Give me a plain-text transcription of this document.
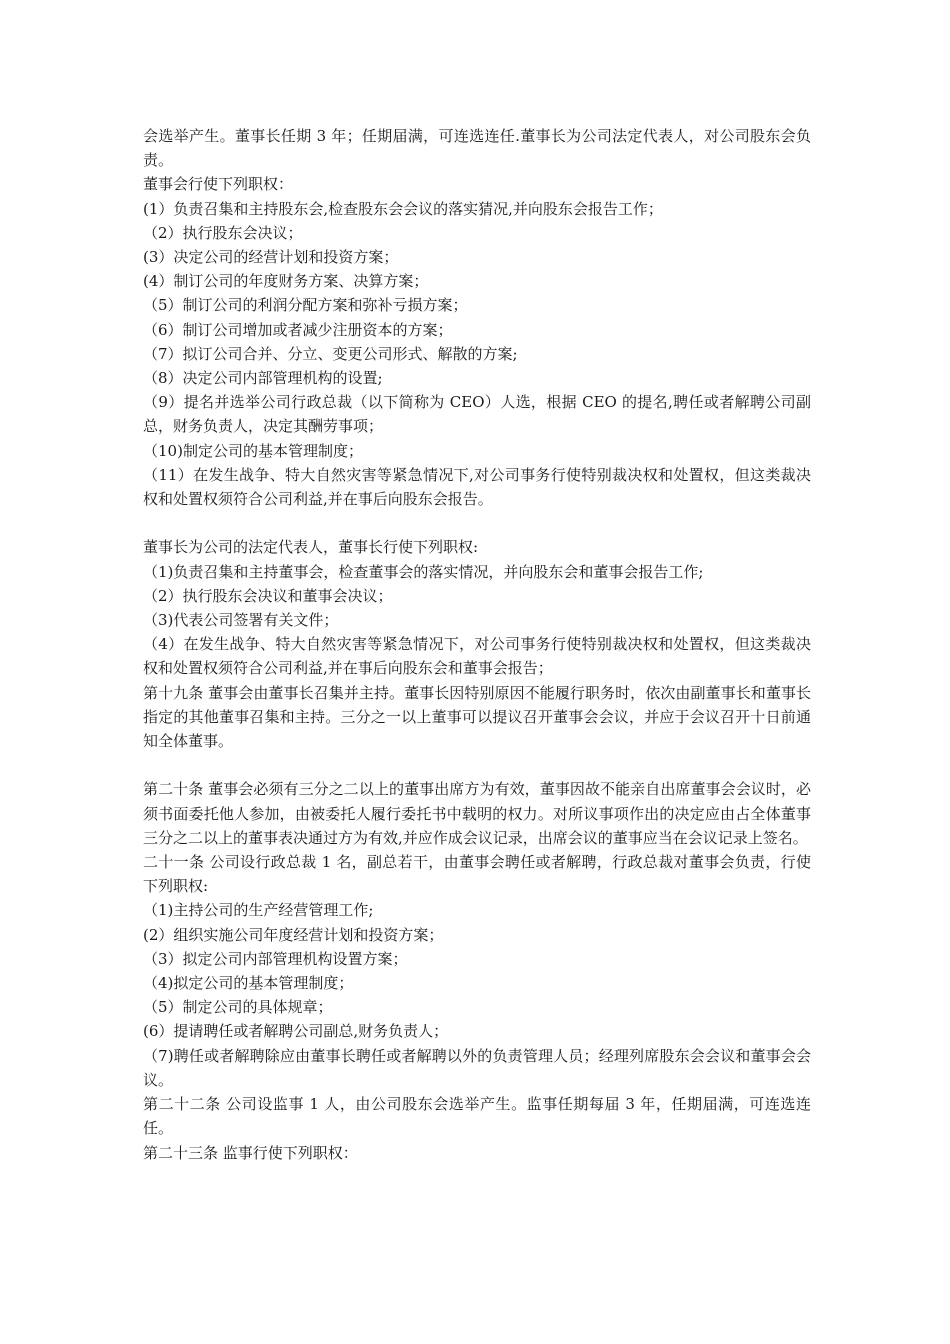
会选举产生。董事长任期 3 年；任期届满，可连选连任.董事长为公司法定代表人，对公司股东会负责。

董事会行使下列职权：

(1）负责召集和主持股东会,检查股东会会议的落实猜况,并向股东会报告工作；

（2）执行股东会决议；

(3）决定公司的经营计划和投资方案；

(4）制订公司的年度财务方案、决算方案；

（5）制订公司的利润分配方案和弥补亏损方案；

（6）制订公司增加或者减少注册资本的方案；

（7）拟订公司合并、分立、变更公司形式、解散的方案;

（8）决定公司内部管理机构的设置;

（9）提名并选举公司行政总裁（以下简称为 CEO）人选，根据 CEO 的提名,聘任或者解聘公司副总，财务负责人，决定其酬劳事项；

（10)制定公司的基本管理制度；

（11）在发生战争、特大自然灾害等紧急情况下,对公司事务行使特别裁决权和处置权，但这类裁决权和处置权须符合公司利益,并在事后向股东会报告。

董事长为公司的法定代表人，董事长行使下列职权:

（1)负责召集和主持董事会，检查董事会的落实情况，并向股东会和董事会报告工作;

（2）执行股东会决议和董事会决议；

（3)代表公司签署有关文件；

（4）在发生战争、特大自然灾害等紧急情况下，对公司事务行使特别裁决权和处置权，但这类裁决权和处置权须符合公司利益,并在事后向股东会和董事会报告；

第十九条 董事会由董事长召集并主持。董事长因特别原因不能履行职务时，依次由副董事长和董事长指定的其他董事召集和主持。三分之一以上董事可以提议召开董事会会议，并应于会议召开十日前通知全体董事。

第二十条 董事会必须有三分之二以上的董事出席方为有效，董事因故不能亲自出席董事会会议时，必须书面委托他人参加，由被委托人履行委托书中载明的权力。对所议事项作出的决定应由占全体董事三分之二以上的董事表决通过方为有效,并应作成会议记录，出席会议的董事应当在会议记录上签名。

二十一条 公司设行政总裁 1 名，副总若干，由董事会聘任或者解聘，行政总裁对董事会负责，行使下列职权:

（1)主持公司的生产经营管理工作;

(2）组织实施公司年度经营计划和投资方案；

（3）拟定公司内部管理机构设置方案；

（4)拟定公司的基本管理制度；

（5）制定公司的具体规章；

(6）提请聘任或者解聘公司副总,财务负责人；

（7)聘任或者解聘除应由董事长聘任或者解聘以外的负责管理人员；经理列席股东会会议和董事会会议。

第二十二条 公司设监事 1 人，由公司股东会选举产生。监事任期每届 3 年，任期届满，可连选连任。

第二十三条 监事行使下列职权：
